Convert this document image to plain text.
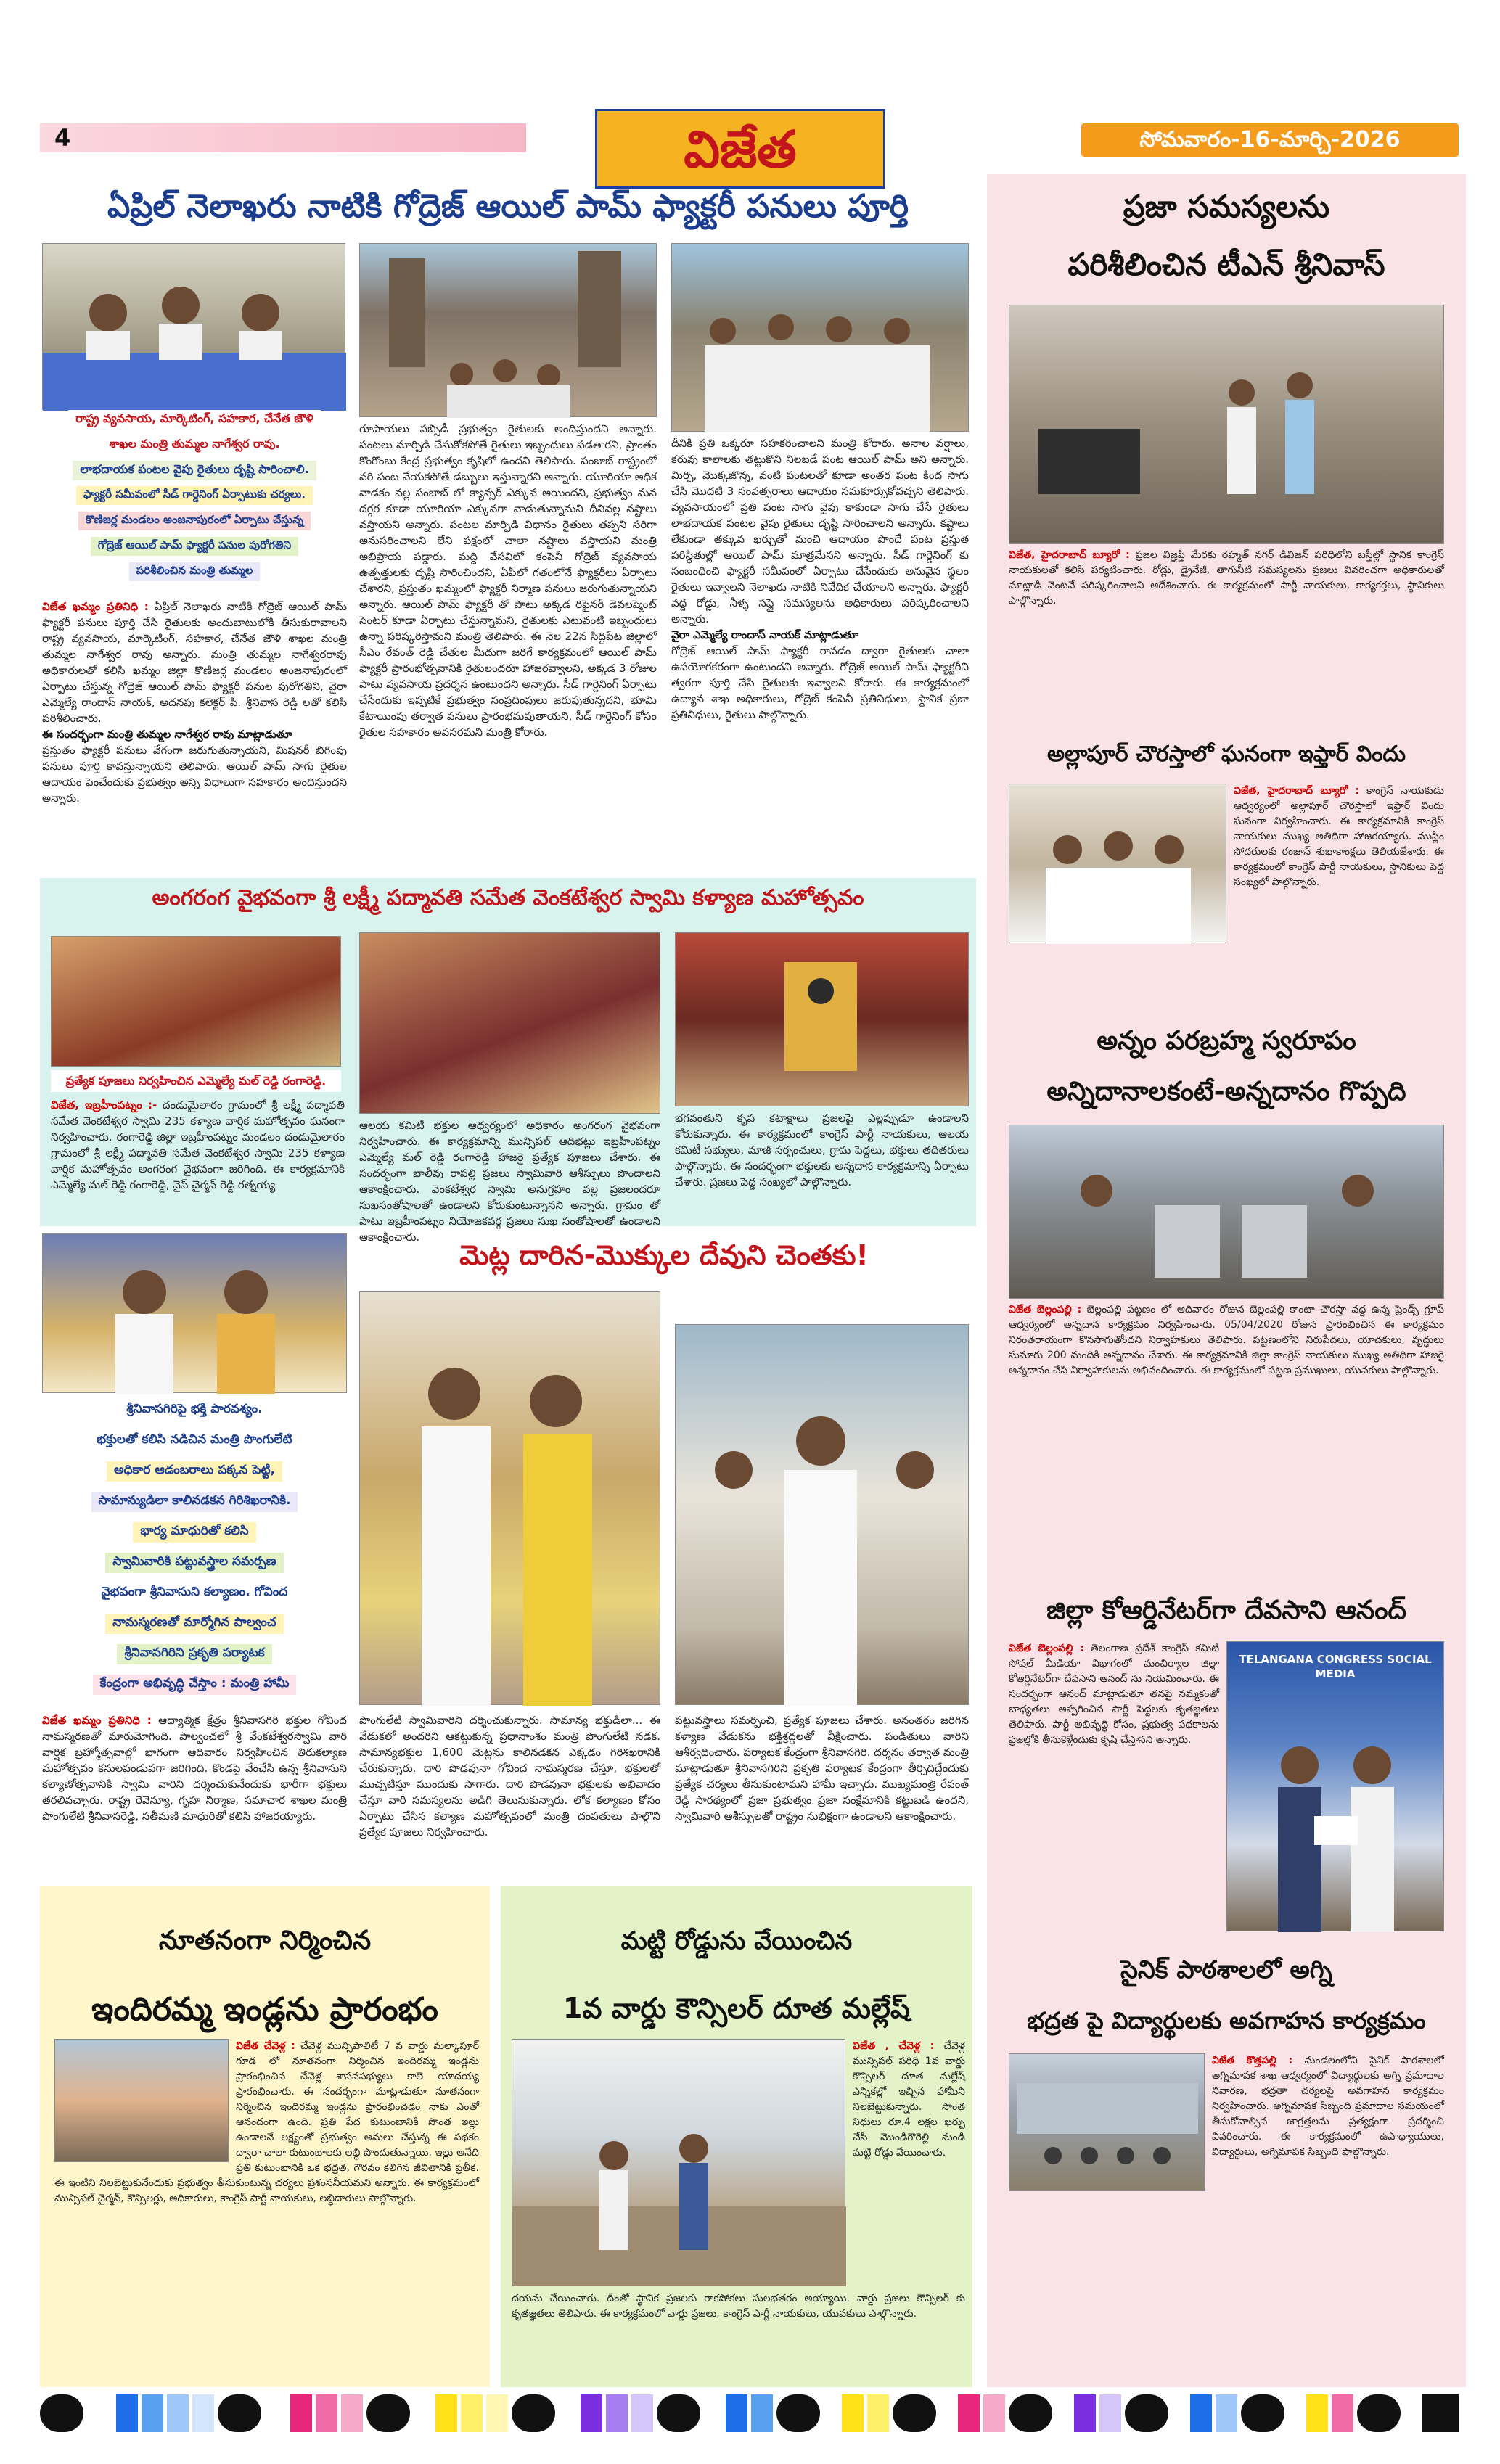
4	విజేత	సోమవారం-16-మార్చి-2026
ఏప్రిల్ నెలాఖరు నాటికి గోద్రెజ్ ఆయిల్ పామ్ ఫ్యాక్టరీ పనులు పూర్తి
రాష్ట్ర వ్యవసాయ, మార్కెటింగ్, సహకార, చేనేత జౌళి
శాఖల మంత్రి తుమ్మల నాగేశ్వర రావు.
లాభదాయక పంటల వైపు రైతులు దృష్టి సారించాలి.
ఫ్యాక్టరీ సమీపంలో సీడ్ గార్డెనింగ్ ఏర్పాటుకు చర్యలు.
కొణిజర్ల మండలం అంజనాపురంలో ఏర్పాటు చేస్తున్న
గోద్రెజ్ ఆయిల్ పామ్ ఫ్యాక్టరీ పనుల పురోగతిని
పరిశీలించిన మంత్రి తుమ్మల
విజేత ఖమ్మం ప్రతినిధి : ఏప్రిల్ నెలాఖరు నాటికి గోద్రెజ్ ఆయిల్ పామ్ ఫ్యాక్టరీ పనులు పూర్తి చేసి రైతులకు అందుబాటులోకి తీసుకురావాలని రాష్ట్ర వ్యవసాయ, మార్కెటింగ్, సహకార, చేనేత జౌళి శాఖల మంత్రి తుమ్మల నాగేశ్వర రావు అన్నారు. మంత్రి తుమ్మల నాగేశ్వరరావు అధికారులతో కలిసి ఖమ్మం జిల్లా కొణిజర్ల మండలం అంజనాపురంలో ఏర్పాటు చేస్తున్న గోద్రెజ్ ఆయిల్ పామ్ ఫ్యాక్టరీ పనుల పురోగతిని, వైరా ఎమ్మెల్యే రాందాస్ నాయక్, అదనపు కలెక్టర్ పి. శ్రీనివాస రెడ్డి లతో కలిసి పరిశీలించారు.
ఈ సందర్భంగా మంత్రి తుమ్మల నాగేశ్వర రావు మాట్లాడుతూ
ప్రస్తుతం ఫ్యాక్టరీ పనులు వేగంగా జరుగుతున్నాయని, మిషనరీ బిగింపు పనులు పూర్తి కావస్తున్నాయని తెలిపారు. ఆయిల్ పామ్ సాగు రైతుల ఆదాయం పెంచేందుకు ప్రభుత్వం అన్ని విధాలుగా సహకారం అందిస్తుందని అన్నారు.
రూపాయలు సబ్సిడీ ప్రభుత్వం రైతులకు అందిస్తుందని అన్నారు. పంటలు మార్పిడి చేసుకోకపోతే రైతులు ఇబ్బందులు పడతారని, ప్రాంతం కొంగొంబు కేంద్ర ప్రభుత్వం కృషిలో ఉందని తెలిపారు. పంజాబ్ రాష్ట్రంలో వరి పంట వేయకపోతే డబ్బులు ఇస్తున్నారని అన్నారు. యూరియా అధిక వాడకం వల్ల పంజాబ్ లో క్యాన్సర్ ఎక్కువ అయిందని, ప్రభుత్వం మన దగ్గర కూడా యూరియా ఎక్కువగా వాడుతున్నామని దీనివల్ల నష్టాలు వస్తాయని అన్నారు. పంటల మార్పిడి విధానం రైతులు తప్పని సరిగా అనుసరించాలని లేని పక్షంలో చాలా నష్టాలు వస్తాయని మంత్రి అభిప్రాయ పడ్డారు. మద్ది వేసవిలో కంపెనీ గోద్రెజ్ వ్యవసాయ ఉత్పత్తులకు దృష్టి సారించిందని, ఏపీలో గతంలోనే ఫ్యాక్టరీలు ఏర్పాటు చేశారని, ప్రస్తుతం ఖమ్మంలో ఫ్యాక్టరీ నిర్మాణ పనులు జరుగుతున్నాయని అన్నారు. ఆయిల్ పామ్ ఫ్యాక్టరీ తో పాటు అక్కడ రిఫైనరీ డెవలప్మెంట్ సెంటర్ కూడా ఏర్పాటు చేస్తున్నామని, రైతులకు ఎటువంటి ఇబ్బందులు ఉన్నా పరిష్కరిస్తామని మంత్రి తెలిపారు. ఈ నెల 22న సిద్దిపేట జిల్లాలో సీఎం రేవంత్ రెడ్డి చేతుల మీదుగా జరిగే కార్యక్రమంలో ఆయిల్ పామ్ ఫ్యాక్టరీ ప్రారంభోత్సవానికి రైతులందరూ హాజరవ్వాలని, అక్కడ 3 రోజుల పాటు వ్యవసాయ ప్రదర్శన ఉంటుందని అన్నారు. సీడ్ గార్డెనింగ్ ఏర్పాటు చేసేందుకు ఇప్పటికే ప్రభుత్వం సంప్రదింపులు జరుపుతున్నదని, భూమి కేటాయింపు తర్వాత పనులు ప్రారంభమవుతాయని, సీడ్ గార్డెనింగ్ కోసం రైతుల సహకారం అవసరమని మంత్రి కోరారు.
దీనికి ప్రతి ఒక్కరూ సహకరించాలని మంత్రి కోరారు. అనాల వర్షాలు, కరువు కాలాలకు తట్టుకొని నిలబడే పంట ఆయిల్ పామ్ అని అన్నారు. మిర్చి, మొక్కజొన్న, వంటి పంటలతో కూడా అంతర పంట కింద సాగు చేసి మొదటి 3 సంవత్సరాలు ఆదాయం సమకూర్చుకోవచ్చని తెలిపారు. వ్యవసాయంలో ప్రతి పంట సాగు వైపు కాకుండా సాగు చేసే రైతులు లాభదాయక పంటల వైపు రైతులు దృష్టి సారించాలని అన్నారు. కష్టాలు లేకుండా తక్కువ ఖర్చుతో మంచి ఆదాయం పొందే పంట ప్రస్తుత పరిస్థితుల్లో ఆయిల్ పామ్ మాత్రమేనని అన్నారు. సీడ్ గార్డెనింగ్ కు సంబంధించి ఫ్యాక్టరీ సమీపంలో ఏర్పాటు చేసేందుకు అనువైన స్థలం రైతులు ఇవ్వాలని నెలాఖరు నాటికి నివేదిక చేయాలని అన్నారు. ఫ్యాక్టరీ వద్ద రోడ్డు, నీళ్ళ సప్లై సమస్యలను అధికారులు పరిష్కరించాలని అన్నారు.
వైరా ఎమ్మెల్యే రాందాస్ నాయక్ మాట్లాడుతూ
గోద్రెజ్ ఆయిల్ పామ్ ఫ్యాక్టరీ రావడం ద్వారా రైతులకు చాలా ఉపయోగకరంగా ఉంటుందని అన్నారు. గోద్రెజ్ ఆయిల్ పామ్ ఫ్యాక్టరీని త్వరగా పూర్తి చేసి రైతులకు ఇవ్వాలని కోరారు. ఈ కార్యక్రమంలో ఉద్యాన శాఖ అధికారులు, గోద్రెజ్ కంపెనీ ప్రతినిధులు, స్థానిక ప్రజా ప్రతినిధులు, రైతులు పాల్గొన్నారు.
అంగరంగ వైభవంగా శ్రీ లక్ష్మీ పద్మావతి సమేత వెంకటేశ్వర స్వామి కళ్యాణ మహోత్సవం
ప్రత్యేక పూజలు నిర్వహించిన ఎమ్మెల్యే మల్ రెడ్డి రంగారెడ్డి.
విజేత, ఇబ్రహీంపట్నం :- దండుమైలారం గ్రామంలో శ్రీ లక్ష్మీ పద్మావతి సమేత వెంకటేశ్వర స్వామి 235 కళ్యాణ వార్షిక మహోత్సవం ఘనంగా నిర్వహించారు. రంగారెడ్డి జిల్లా ఇబ్రహీంపట్నం మండలం దండుమైలారం గ్రామంలో శ్రీ లక్ష్మీ పద్మావతి సమేత వెంకటేశ్వర స్వామి 235 కళ్యాణ వార్షిక మహోత్సవం అంగరంగ వైభవంగా జరిగింది. ఈ కార్యక్రమానికి ఎమ్మెల్యే మల్ రెడ్డి రంగారెడ్డి, వైస్ చైర్మన్ రెడ్డి రత్నయ్య
ఆలయ కమిటీ భక్తుల ఆధ్వర్యంలో అధికారం అంగరంగ వైభవంగా నిర్వహించారు. ఈ కార్యక్రమాన్ని మున్సిపల్ ఆదిభట్లు ఇబ్రహీంపట్నం ఎమ్మెల్యే మల్ రెడ్డి రంగారెడ్డి హాజరై ప్రత్యేక పూజలు చేశారు. ఈ సందర్భంగా బాలీవు రాపల్లి ప్రజలు స్వామివారి ఆశీస్సులు పొందాలని ఆకాంక్షించారు. వెంకటేశ్వర స్వామి అనుగ్రహం వల్ల ప్రజలందరూ సుఖసంతోషాలతో ఉండాలని కోరుకుంటున్నానని అన్నారు. గ్రామం తో పాటు ఇబ్రహీంపట్నం నియోజకవర్గ ప్రజలు సుఖ సంతోషాలతో ఉండాలని ఆకాంక్షించారు.
భగవంతుని కృప కటాక్షాలు ప్రజలపై ఎల్లప్పుడూ ఉండాలని కోరుకున్నారు. ఈ కార్యక్రమంలో కాంగ్రెస్ పార్టీ నాయకులు, ఆలయ కమిటీ సభ్యులు, మాజీ సర్పంచులు, గ్రామ పెద్దలు, భక్తులు తదితరులు పాల్గొన్నారు. ఈ సందర్భంగా భక్తులకు అన్నదాన కార్యక్రమాన్ని ఏర్పాటు చేశారు. ప్రజలు పెద్ద సంఖ్యలో పాల్గొన్నారు.
మెట్ల దారిన-మొక్కుల దేవుని చెంతకు!
శ్రీనివాసగిరిపై భక్తి పారవశ్యం.
భక్తులతో కలిసి నడిచిన మంత్రి పొంగులేటి
అధికార ఆడంబరాలు పక్కన పెట్టి,
సామాన్యుడిలా కాలినడకన గిరిశిఖరానికి.
భార్య మాధురితో కలిసి
స్వామివారికి పట్టువస్త్రాల సమర్పణ
వైభవంగా శ్రీనివాసుని కల్యాణం. గోవింద
నామస్మరణతో మార్మోగిన పాల్వంచ
శ్రీనివాసగిరిని ప్రకృతి పర్యాటక
కేంద్రంగా అభివృద్ధి చేస్తాం : మంత్రి హామీ
విజేత ఖమ్మం ప్రతినిధి : ఆధ్యాత్మిక క్షేత్రం శ్రీనివాసగిరి భక్తుల గోవింద నామస్మరణతో మారుమోగింది. పాల్వంచలో శ్రీ వేంకటేశ్వరస్వామి వారి వార్షిక బ్రహ్మోత్సవాల్లో భాగంగా ఆదివారం నిర్వహించిన తిరుకల్యాణ మహోత్సవం కనులపండువగా జరిగింది. కొండపై వేంచేసి ఉన్న శ్రీనివాసుని కల్యాణోత్సవానికి స్వామి వారిని దర్శించుకునేందుకు భారీగా భక్తులు తరలివచ్చారు. రాష్ట్ర రెవెన్యూ, గృహ నిర్మాణ, సమాచార శాఖల మంత్రి పొంగులేటి శ్రీనివాసరెడ్డి, సతీమణి మాధురితో కలిసి హాజరయ్యారు.
పొంగులేటి స్వామివారిని దర్శించుకున్నారు. సామాన్య భక్తుడిలా... ఈ వేడుకలో అందరిని ఆకట్టుకున్న ప్రధానాంశం మంత్రి పొంగులేటి నడక. సామాన్యభక్తుల 1,600 మెట్లను కాలినడకన ఎక్కడం గిరిశిఖరానికి చేరుకున్నారు. దారి పొడవునా గోవింద నామస్మరణ చేస్తూ, భక్తులతో ముచ్చటిస్తూ ముందుకు సాగారు. దారి పొడవునా భక్తులకు అభివాదం చేస్తూ వారి సమస్యలను అడిగి తెలుసుకున్నారు. లోక కల్యాణం కోసం ఏర్పాటు చేసిన కల్యాణ మహోత్సవంలో మంత్రి దంపతులు పాల్గొని ప్రత్యేక పూజలు నిర్వహించారు.
పట్టువస్త్రాలు సమర్పించి, ప్రత్యేక పూజలు చేశారు. అనంతరం జరిగిన కళ్యాణ వేడుకను భక్తిశ్రద్ధలతో వీక్షించారు. పండితులు వారిని ఆశీర్వదించారు. పర్యాటక కేంద్రంగా శ్రీనివాసగిరి. దర్శనం తర్వాత మంత్రి మాట్లాడుతూ శ్రీనివాసగిరిని ప్రకృతి పర్యాటక కేంద్రంగా తీర్చిదిద్దేందుకు ప్రత్యేక చర్యలు తీసుకుంటామని హామీ ఇచ్చారు. ముఖ్యమంత్రి రేవంత్ రెడ్డి సారథ్యంలో ప్రజా ప్రభుత్వం ప్రజా సంక్షేమానికి కట్టుబడి ఉందని, స్వామివారి ఆశీస్సులతో రాష్ట్రం సుభిక్షంగా ఉండాలని ఆకాంక్షించారు.
నూతనంగా నిర్మించిన
ఇందిరమ్మ ఇండ్లను ప్రారంభం
విజేత చేవెళ్ల : చేవెళ్ల మున్సిపాలిటీ 7 వ వార్డు మల్కాపూర్ గూడ లో నూతనంగా నిర్మించిన ఇందిరమ్మ ఇండ్లను ప్రారంభించిన చేవెళ్ల శాసనసభ్యులు కాలె యాదయ్య ప్రారంభించారు. ఈ సందర్భంగా మాట్లాడుతూ నూతనంగా నిర్మించిన ఇందిరమ్మ ఇండ్లను ప్రారంభించడం నాకు ఎంతో ఆనందంగా ఉంది. ప్రతి పేద కుటుంబానికి సొంత ఇల్లు ఉండాలనే లక్ష్యంతో ప్రభుత్వం అమలు చేస్తున్న ఈ పథకం ద్వారా చాలా కుటుంబాలకు లబ్ధి పొందుతున్నాయి. ఇల్లు అనేది ప్రతి కుటుంబానికి ఒక భద్రత, గౌరవం కలిగిన జీవితానికి ప్రతీక. ఈ ఇంటిని నిలబెట్టుకునేందుకు ప్రభుత్వం తీసుకుంటున్న చర్యలు ప్రశంసనీయమని అన్నారు. ఈ కార్యక్రమంలో మున్సిపల్ చైర్మన్, కౌన్సిలర్లు, అధికారులు, కాంగ్రెస్ పార్టీ నాయకులు, లబ్ధిదారులు పాల్గొన్నారు.
మట్టి రోడ్డును వేయించిన
1వ వార్డు కౌన్సిలర్ దూత మల్లేష్
విజేత , చేవెళ్ల : చేవెళ్ల మున్సిపల్ పరిధి 1వ వార్డు కౌన్సిలర్ దూత మల్లేష్ ఎన్నికల్లో ఇచ్చిన హామీని నిలబెట్టుకున్నారు. సొంత నిధులు రూ.4 లక్షల ఖర్చు చేసి మొండిగౌరెల్లి నుండి మట్టి రోడ్డు వేయించారు.
దయను చేయించారు. దీంతో స్థానిక ప్రజలకు రాకపోకలు సులభతరం అయ్యాయి. వార్డు ప్రజలు కౌన్సిలర్ కు కృతజ్ఞతలు తెలిపారు. ఈ కార్యక్రమంలో వార్డు ప్రజలు, కాంగ్రెస్ పార్టీ నాయకులు, యువకులు పాల్గొన్నారు.
ప్రజా సమస్యలను
పరిశీలించిన టీఎన్ శ్రీనివాస్
విజేత, హైదరాబాద్ బ్యూరో : ప్రజల విజ్ఞప్తి మేరకు రహ్మత్ నగర్ డివిజన్ పరిధిలోని బస్తీల్లో స్థానిక కాంగ్రెస్ నాయకులతో కలిసి పర్యటించారు. రోడ్లు, డ్రైనేజీ, తాగునీటి సమస్యలను ప్రజలు వివరించగా అధికారులతో మాట్లాడి వెంటనే పరిష్కరించాలని ఆదేశించారు. ఈ కార్యక్రమంలో పార్టీ నాయకులు, కార్యకర్తలు, స్థానికులు పాల్గొన్నారు.
అల్లాపూర్ చౌరస్తాలో ఘనంగా ఇఫ్తార్ విందు
విజేత, హైదరాబాద్ బ్యూరో : కాంగ్రెస్ నాయకుడు ఆధ్వర్యంలో అల్లాపూర్ చౌరస్తాలో ఇఫ్తార్ విందు ఘనంగా నిర్వహించారు. ఈ కార్యక్రమానికి కాంగ్రెస్ నాయకులు ముఖ్య అతిథిగా హాజరయ్యారు. ముస్లిం సోదరులకు రంజాన్ శుభాకాంక్షలు తెలియజేశారు. ఈ కార్యక్రమంలో కాంగ్రెస్ పార్టీ నాయకులు, స్థానికులు పెద్ద సంఖ్యలో పాల్గొన్నారు.
అన్నం పరబ్రహ్మ స్వరూపం
అన్నిదానాలకంటే-అన్నదానం గొప్పది
విజేత బెల్లంపల్లి : బెల్లంపల్లి పట్టణం లో ఆదివారం రోజున బెల్లంపల్లి కాంటా చౌరస్తా వద్ద ఉన్న ఫ్రెండ్స్ గ్రూప్ ఆధ్వర్యంలో అన్నదాన కార్యక్రమం నిర్వహించారు. 05/04/2020 రోజున ప్రారంభించిన ఈ కార్యక్రమం నిరంతరాయంగా కొనసాగుతోందని నిర్వాహకులు తెలిపారు. పట్టణంలోని నిరుపేదలు, యాచకులు, వృద్ధులు సుమారు 200 మందికి అన్నదానం చేశారు. ఈ కార్యక్రమానికి జిల్లా కాంగ్రెస్ నాయకులు ముఖ్య అతిథిగా హాజరై అన్నదానం చేసి నిర్వాహకులను అభినందించారు. ఈ కార్యక్రమంలో పట్టణ ప్రముఖులు, యువకులు పాల్గొన్నారు.
జిల్లా కోఆర్డినేటర్‌గా దేవసాని ఆనంద్
విజేత బెల్లంపల్లి : తెలంగాణ ప్రదేశ్ కాంగ్రెస్ కమిటీ సోషల్ మీడియా విభాగంలో మంచిర్యాల జిల్లా కోఆర్డినేటర్‌గా దేవసాని ఆనంద్ ను నియమించారు. ఈ సందర్భంగా ఆనంద్ మాట్లాడుతూ తనపై నమ్మకంతో బాధ్యతలు అప్పగించిన పార్టీ పెద్దలకు కృతజ్ఞతలు తెలిపారు. పార్టీ అభివృద్ధి కోసం, ప్రభుత్వ పథకాలను ప్రజల్లోకి తీసుకెళ్లేందుకు కృషి చేస్తానని అన్నారు.
TELANGANA CONGRESS SOCIAL MEDIA
సైనిక్ పాఠశాలలో అగ్ని
భద్రత పై విద్యార్థులకు అవగాహన కార్యక్రమం
విజేత కొత్తపల్లి : మండలంలోని సైనిక్ పాఠశాలలో అగ్నిమాపక శాఖ ఆధ్వర్యంలో విద్యార్థులకు అగ్ని ప్రమాదాల నివారణ, భద్రతా చర్యలపై అవగాహన కార్యక్రమం నిర్వహించారు. అగ్నిమాపక సిబ్బంది ప్రమాదాల సమయంలో తీసుకోవాల్సిన జాగ్రత్తలను ప్రత్యక్షంగా ప్రదర్శించి వివరించారు. ఈ కార్యక్రమంలో ఉపాధ్యాయులు, విద్యార్థులు, అగ్నిమాపక సిబ్బంది పాల్గొన్నారు.
